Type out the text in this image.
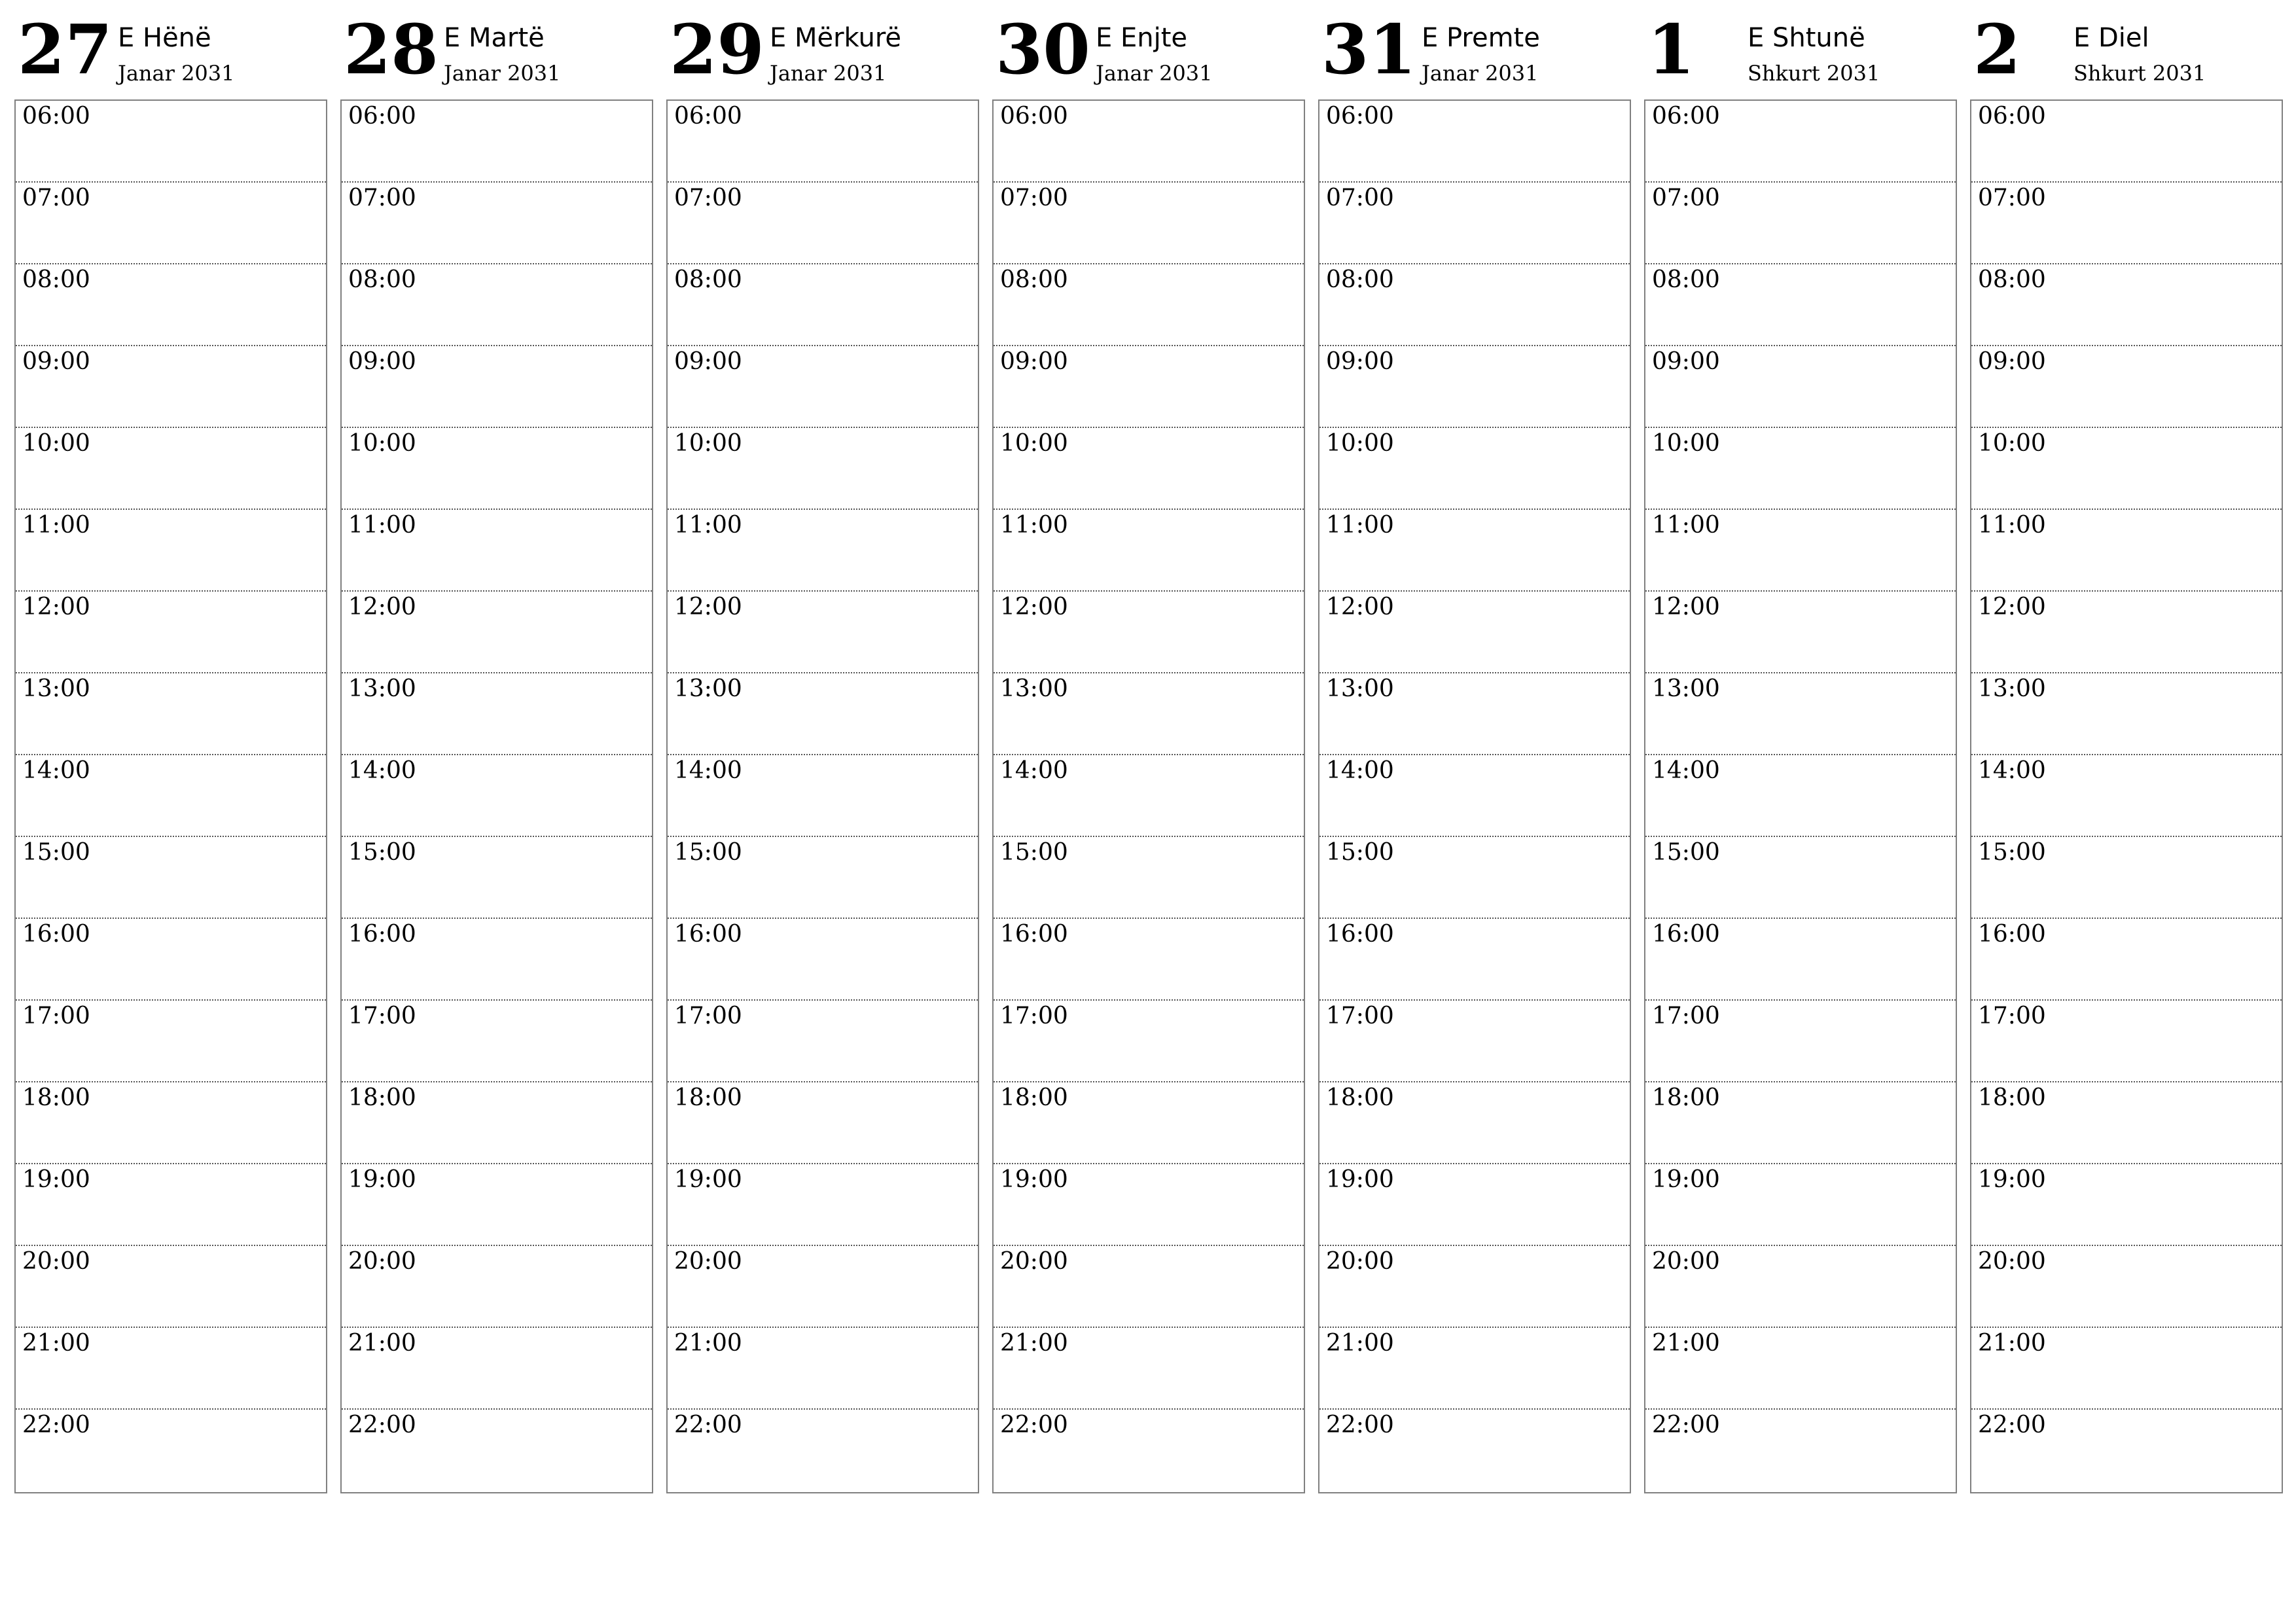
27 E Hënë
Janar 2031
06:00
07:00
08:00
09:00
10:00
11:00
12:00
13:00
14:00
15:00
16:00
17:00
18:00
19:00
20:00
21:00
22:00
28 E Martë
Janar 2031
06:00
07:00
08:00
09:00
10:00
11:00
12:00
13:00
14:00
15:00
16:00
17:00
18:00
19:00
20:00
21:00
22:00
29 E Mërkurë
Janar 2031
06:00
07:00
08:00
09:00
10:00
11:00
12:00
13:00
14:00
15:00
16:00
17:00
18:00
19:00
20:00
21:00
22:00
30 E Enjte
Janar 2031
06:00
07:00
08:00
09:00
10:00
11:00
12:00
13:00
14:00
15:00
16:00
17:00
18:00
19:00
20:00
21:00
22:00
31 E Premte
Janar 2031
06:00
07:00
08:00
09:00
10:00
11:00
12:00
13:00
14:00
15:00
16:00
17:00
18:00
19:00
20:00
21:00
22:00
1 E Shtunë
Shkurt 2031
06:00
07:00
08:00
09:00
10:00
11:00
12:00
13:00
14:00
15:00
16:00
17:00
18:00
19:00
20:00
21:00
22:00
2 E Diel
Shkurt 2031
06:00
07:00
08:00
09:00
10:00
11:00
12:00
13:00
14:00
15:00
16:00
17:00
18:00
19:00
20:00
21:00
22:00
